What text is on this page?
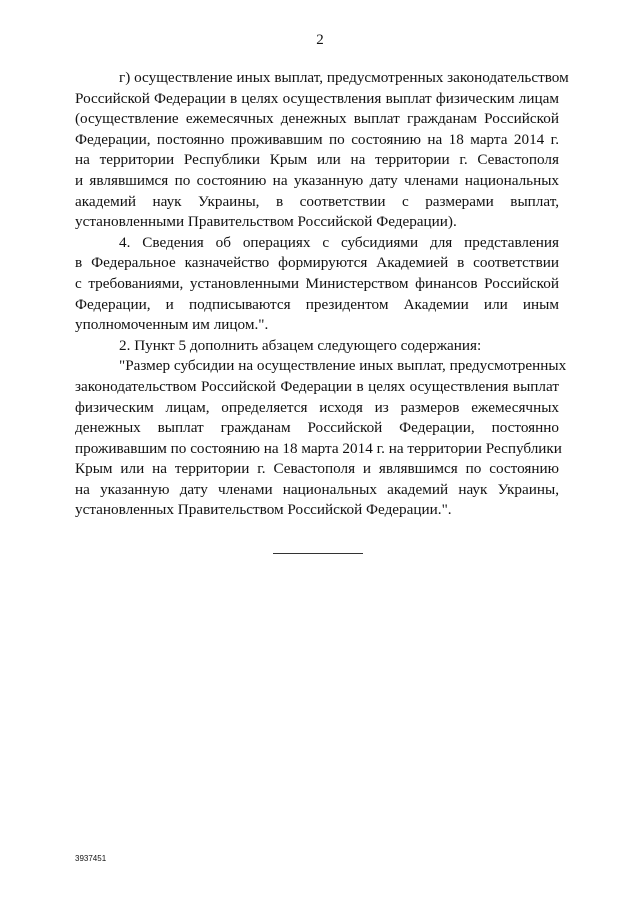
2
г) осуществление иных выплат, предусмотренных законодательством
Российской Федерации в целях осуществления выплат физическим лицам
(осуществление ежемесячных денежных выплат гражданам Российской
Федерации, постоянно проживавшим по состоянию на 18 марта 2014 г.
на территории Республики Крым или на территории г. Севастополя
и являвшимся по состоянию на указанную дату членами национальных
академий наук Украины, в соответствии с размерами выплат,
установленными Правительством Российской Федерации).
4. Сведения об операциях с субсидиями для представления
в Федеральное казначейство формируются Академией в соответствии
с требованиями, установленными Министерством финансов Российской
Федерации, и подписываются президентом Академии или иным
уполномоченным им лицом.".
2. Пункт 5 дополнить абзацем следующего содержания:
"Размер субсидии на осуществление иных выплат, предусмотренных
законодательством Российской Федерации в целях осуществления выплат
физическим лицам, определяется исходя из размеров ежемесячных
денежных выплат гражданам Российской Федерации, постоянно
проживавшим по состоянию на 18 марта 2014 г. на территории Республики
Крым или на территории г. Севастополя и являвшимся по состоянию
на указанную дату членами национальных академий наук Украины,
установленных Правительством Российской Федерации.".
3937451
